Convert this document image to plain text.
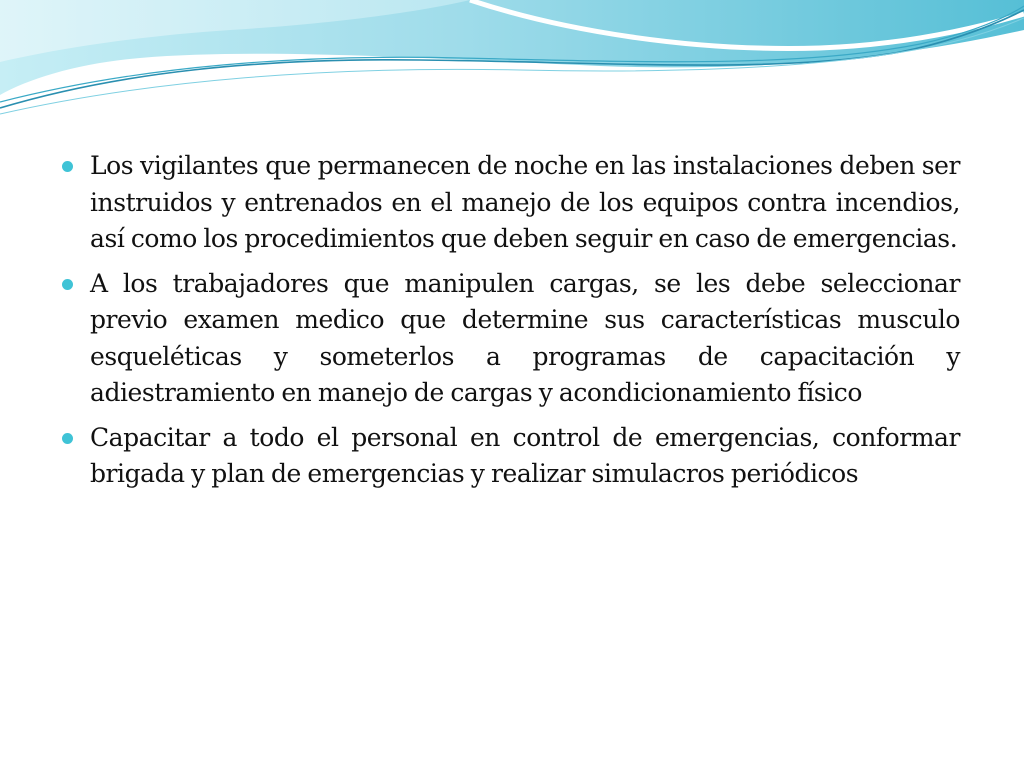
Los vigilantes que permanecen de noche en las instalaciones deben ser instruidos y entrenados en el manejo de los equipos contra incendios, así como los procedimientos que deben seguir en caso de emergencias.
A los trabajadores que manipulen cargas, se les debe seleccionar previo examen medico que determine sus características musculo esqueléticas y someterlos a programas de capacitación y adiestramiento en manejo de cargas y acondicionamiento físico
Capacitar a todo el personal en control de emergencias, conformar brigada y plan de emergencias y realizar simulacros periódicos
